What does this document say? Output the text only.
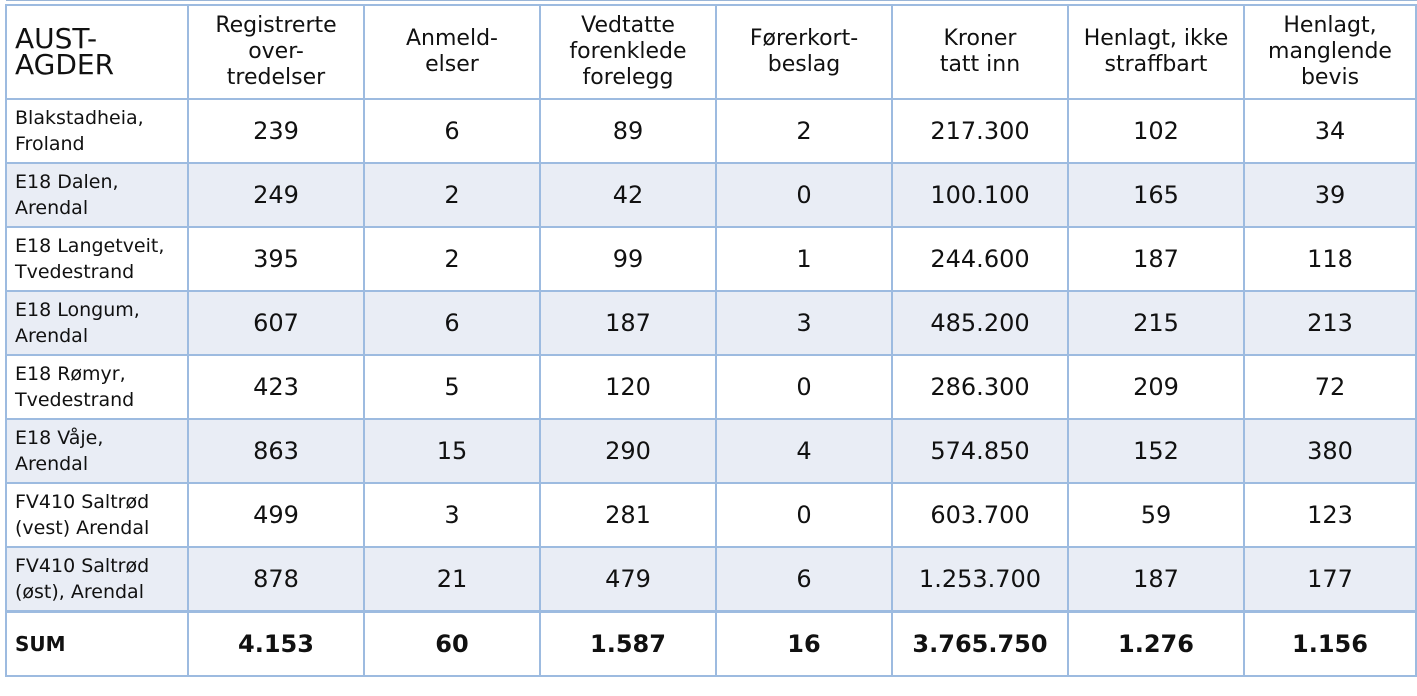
AUST-AGDER	Registrerte
over-
tredelser	Anmeld-
elser	Vedtatte
forenklede
forelegg	Førerkort-
beslag	Kroner
tatt inn	Henlagt, ikke
straffbart	Henlagt,
manglende
bevis

Blakstadheia,
Froland	239	6	89	2	217.300	102	34

E18 Dalen,
Arendal	249	2	42	0	100.100	165	39

E18 Langetveit,
Tvedestrand	395	2	99	1	244.600	187	118

E18 Longum,
Arendal	607	6	187	3	485.200	215	213

E18 Rømyr,
Tvedestrand	423	5	120	0	286.300	209	72

E18 Våje,
Arendal	863	15	290	4	574.850	152	380

FV410 Saltrød
(vest) Arendal	499	3	281	0	603.700	59	123

FV410 Saltrød
(øst), Arendal	878	21	479	6	1.253.700	187	177
SUM	4.153	60	1.587	16	3.765.750	1.276	1.156
